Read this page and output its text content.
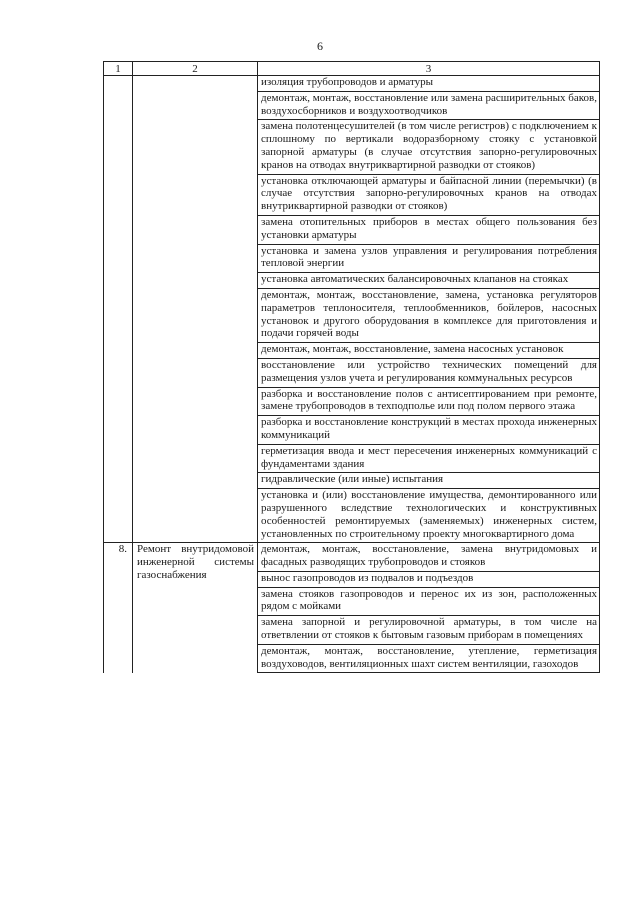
6
1	2	3
		изоляция трубопроводов и арматуры
		демонтаж, монтаж, восстановление или замена расширительных баков, воздухосборников и воздухоотводчиков
		замена полотенцесушителей (в том числе регистров) с подключением к сплошному по вертикали водоразборному стояку с установкой запорной арматуры (в случае отсутствия запорно-регулировочных кранов на отводах внутриквартирной разводки от стояков)
		установка отключающей арматуры и байпасной линии (перемычки) (в случае отсутствия запорно-регулировочных кранов на отводах внутриквартирной разводки от стояков)
		замена отопительных приборов в местах общего пользования без установки арматуры
		установка и замена узлов управления и регулирования потребления тепловой энергии
		установка автоматических балансировочных клапанов на стояках
		демонтаж, монтаж, восстановление, замена, установка регуляторов параметров теплоносителя, теплообменников, бойлеров, насосных установок и другого оборудования в комплексе для приготовления и подачи горячей воды
		демонтаж, монтаж, восстановление, замена насосных установок
		восстановление или устройство технических помещений для размещения узлов учета и регулирования коммунальных ресурсов
		разборка и восстановление полов с антисептированием при ремонте, замене трубопроводов в техподполье или под полом первого этажа
		разборка и восстановление конструкций в местах прохода инженерных коммуникаций
		герметизация ввода и мест пересечения инженерных коммуникаций с фундаментами здания
		гидравлические (или иные) испытания
		установка и (или) восстановление имущества, демонтированного или разрушенного вследствие технологических и конструктивных особенностей ремонтируемых (заменяемых) инженерных систем, установленных по строительному проекту многоквартирного дома
8.	Ремонт внутридомовой инженерной системы газоснабжения	демонтаж, монтаж, восстановление, замена внутридомовых и фасадных разводящих трубопроводов и стояков
		вынос газопроводов из подвалов и подъездов
		замена стояков газопроводов и перенос их из зон, расположенных рядом с мойками
		замена запорной и регулировочной арматуры, в том числе на ответвлении от стояков к бытовым газовым приборам в помещениях
		демонтаж, монтаж, восстановление, утепление, герметизация воздуховодов, вентиляционных шахт систем вентиляции, газоходов
